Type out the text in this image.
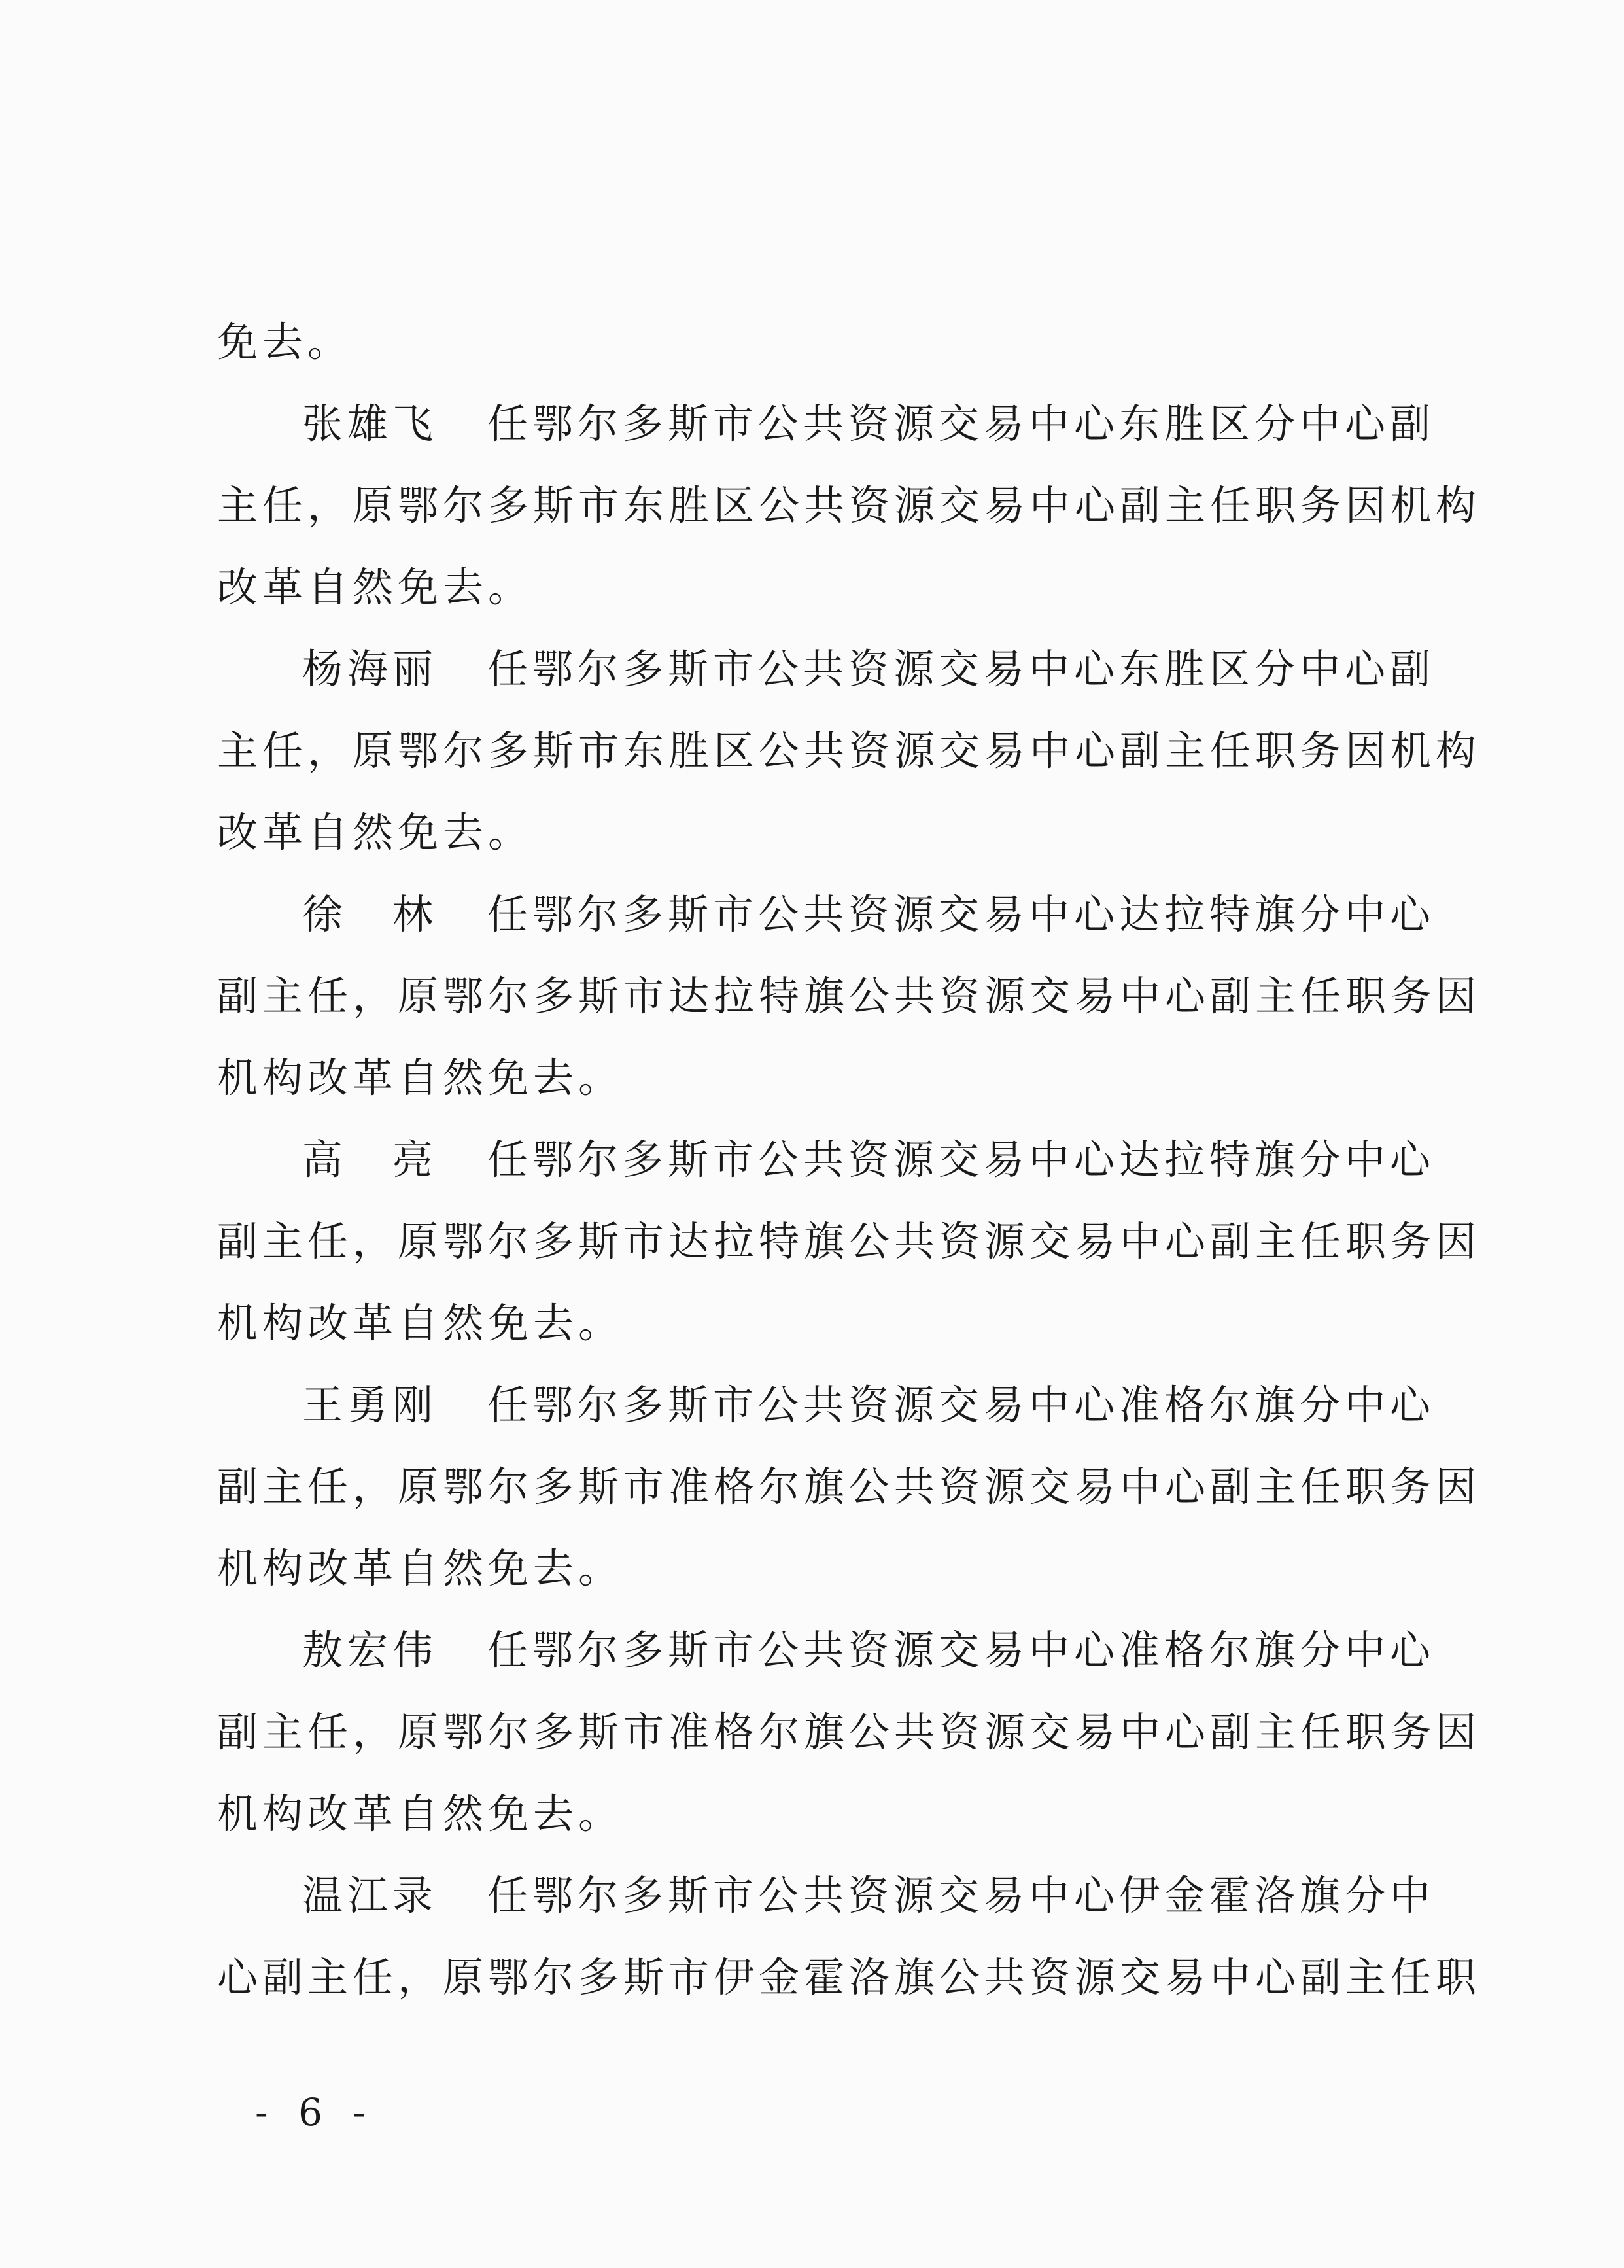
免去。
张雄飞 任鄂尔多斯市公共资源交易中心东胜区分中心副
主任，原鄂尔多斯市东胜区公共资源交易中心副主任职务因机构
改革自然免去。
杨海丽 任鄂尔多斯市公共资源交易中心东胜区分中心副
主任，原鄂尔多斯市东胜区公共资源交易中心副主任职务因机构
改革自然免去。
徐　林 任鄂尔多斯市公共资源交易中心达拉特旗分中心
副主任，原鄂尔多斯市达拉特旗公共资源交易中心副主任职务因
机构改革自然免去。
高　亮 任鄂尔多斯市公共资源交易中心达拉特旗分中心
副主任，原鄂尔多斯市达拉特旗公共资源交易中心副主任职务因
机构改革自然免去。
王勇刚 任鄂尔多斯市公共资源交易中心准格尔旗分中心
副主任，原鄂尔多斯市准格尔旗公共资源交易中心副主任职务因
机构改革自然免去。
敖宏伟 任鄂尔多斯市公共资源交易中心准格尔旗分中心
副主任，原鄂尔多斯市准格尔旗公共资源交易中心副主任职务因
机构改革自然免去。
温江录 任鄂尔多斯市公共资源交易中心伊金霍洛旗分中
心副主任，原鄂尔多斯市伊金霍洛旗公共资源交易中心副主任职
- 6 -
